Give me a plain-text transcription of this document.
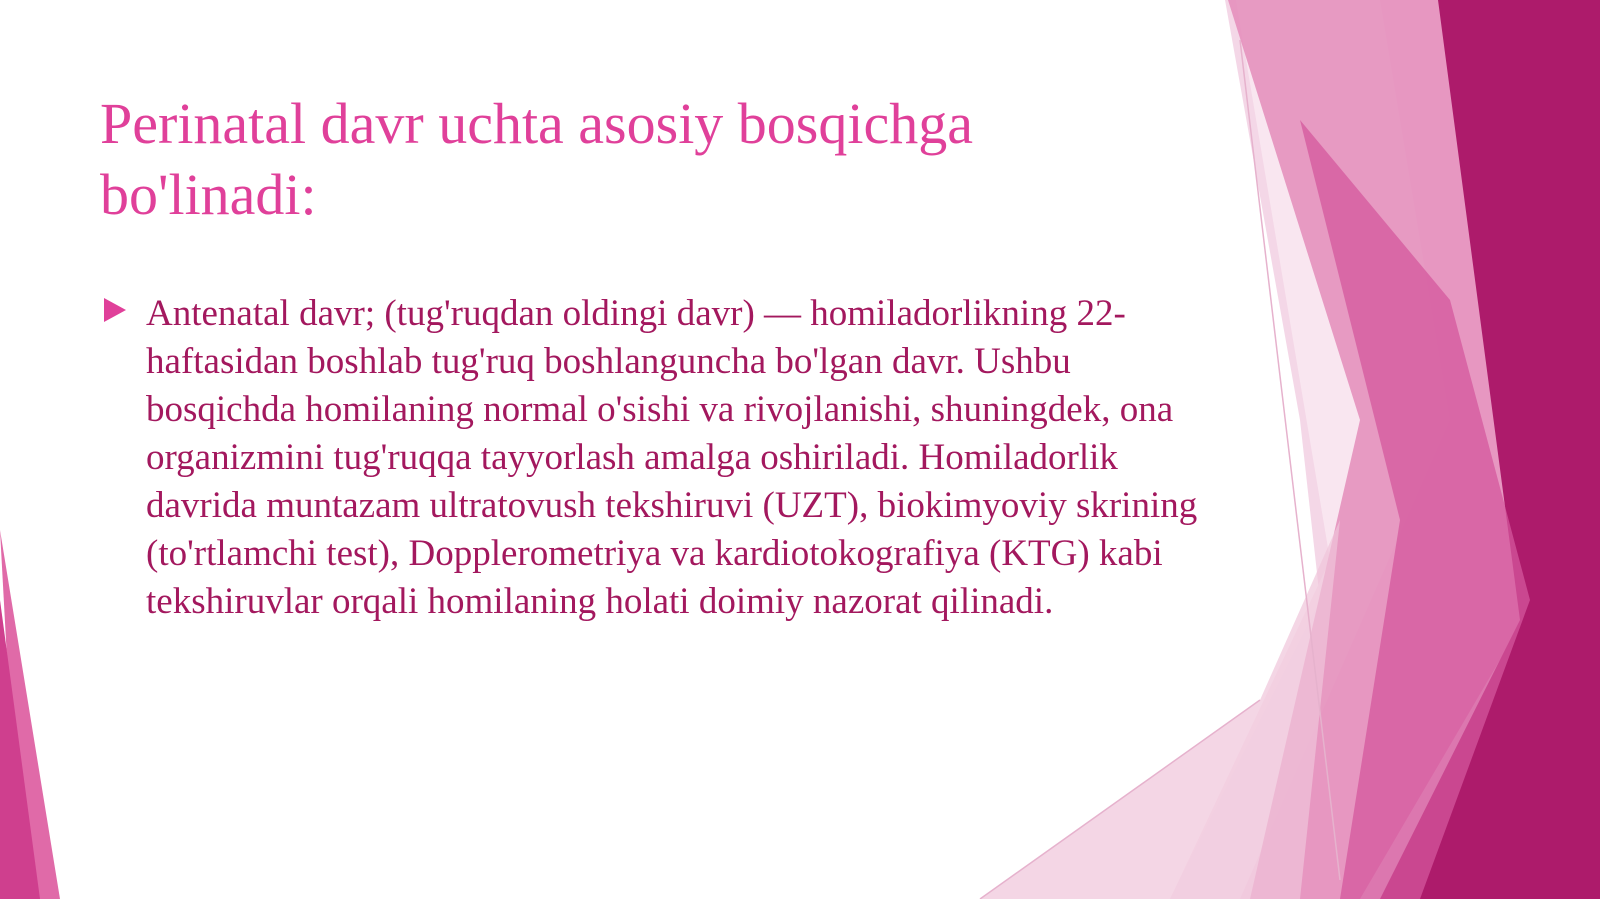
Perinatal davr uchta asosiy bosqichga bo'linadi:

Antenatal davr; (tug'ruqdan oldingi davr) — homiladorlikning 22-haftasidan boshlab tug'ruq boshlanguncha bo'lgan davr. Ushbu bosqichda homilaning normal o'sishi va rivojlanishi, shuningdek, ona organizmini tug'ruqqa tayyorlash amalga oshiriladi. Homiladorlik davrida muntazam ultratovush tekshiruvi (UZT), biokimyoviy skrining (to'rtlamchi test), Dopplerometriya va kardiotokografiya (KTG) kabi tekshiruvlar orqali homilaning holati doimiy nazorat qilinadi.
